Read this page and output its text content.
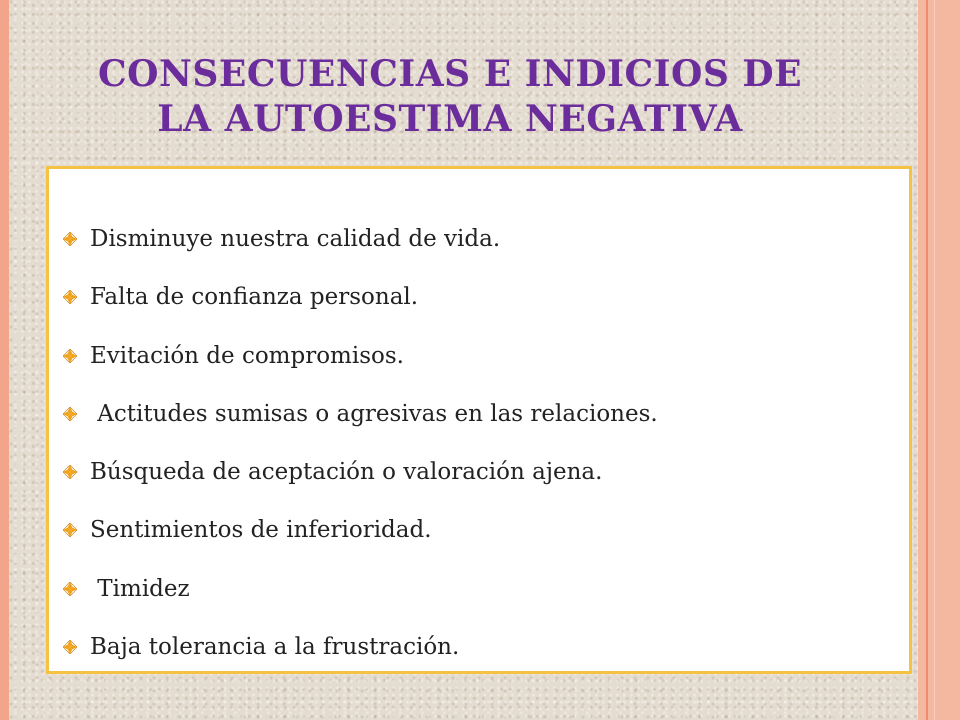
CONSECUENCIAS E INDICIOS DE
LA AUTOESTIMA NEGATIVA
Disminuye nuestra calidad de vida.
Falta de confianza personal.
Evitación de compromisos.
Actitudes sumisas o agresivas en las relaciones.
Búsqueda de aceptación o valoración ajena.
Sentimientos de inferioridad.
Timidez
Baja tolerancia a la frustración.
